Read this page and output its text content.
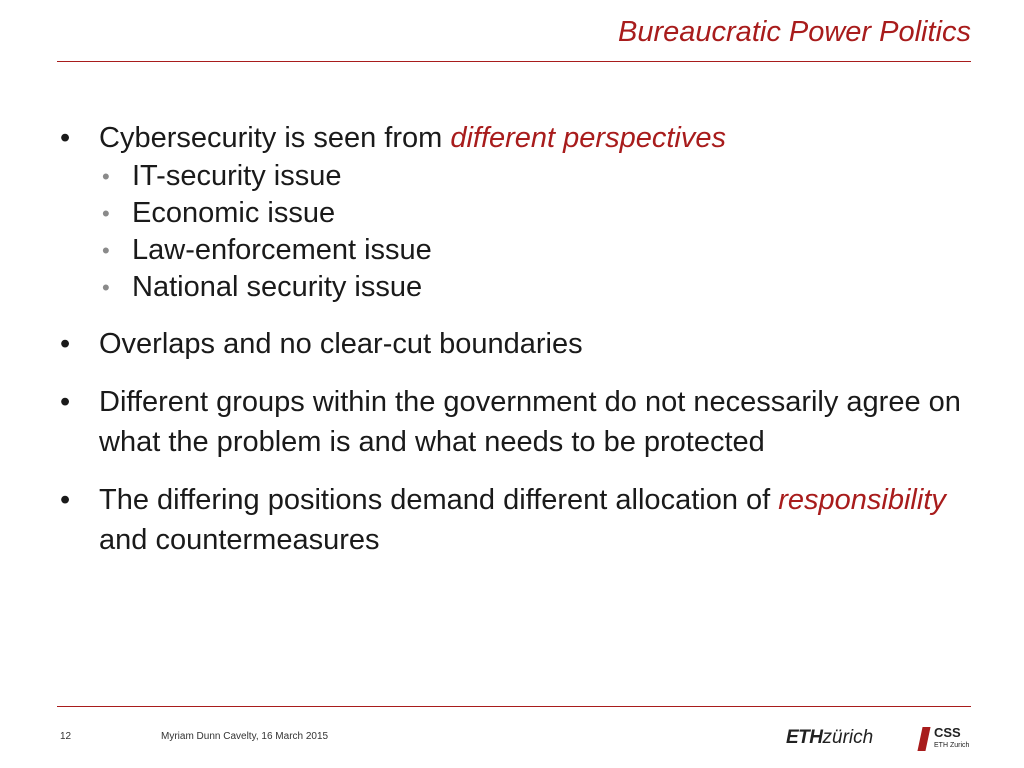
Bureaucratic Power Politics
• Cybersecurity is seen from different perspectives
• IT-security issue
• Economic issue
• Law-enforcement issue
• National security issue
• Overlaps and no clear-cut boundaries
• Different groups within the government do not necessarily agree on what the problem is and what needs to be protected
• The differing positions demand different allocation of responsibility and countermeasures
12	Myriam Dunn Cavelty, 16 March 2015	ETHzürich	CSS
ETH Zurich
